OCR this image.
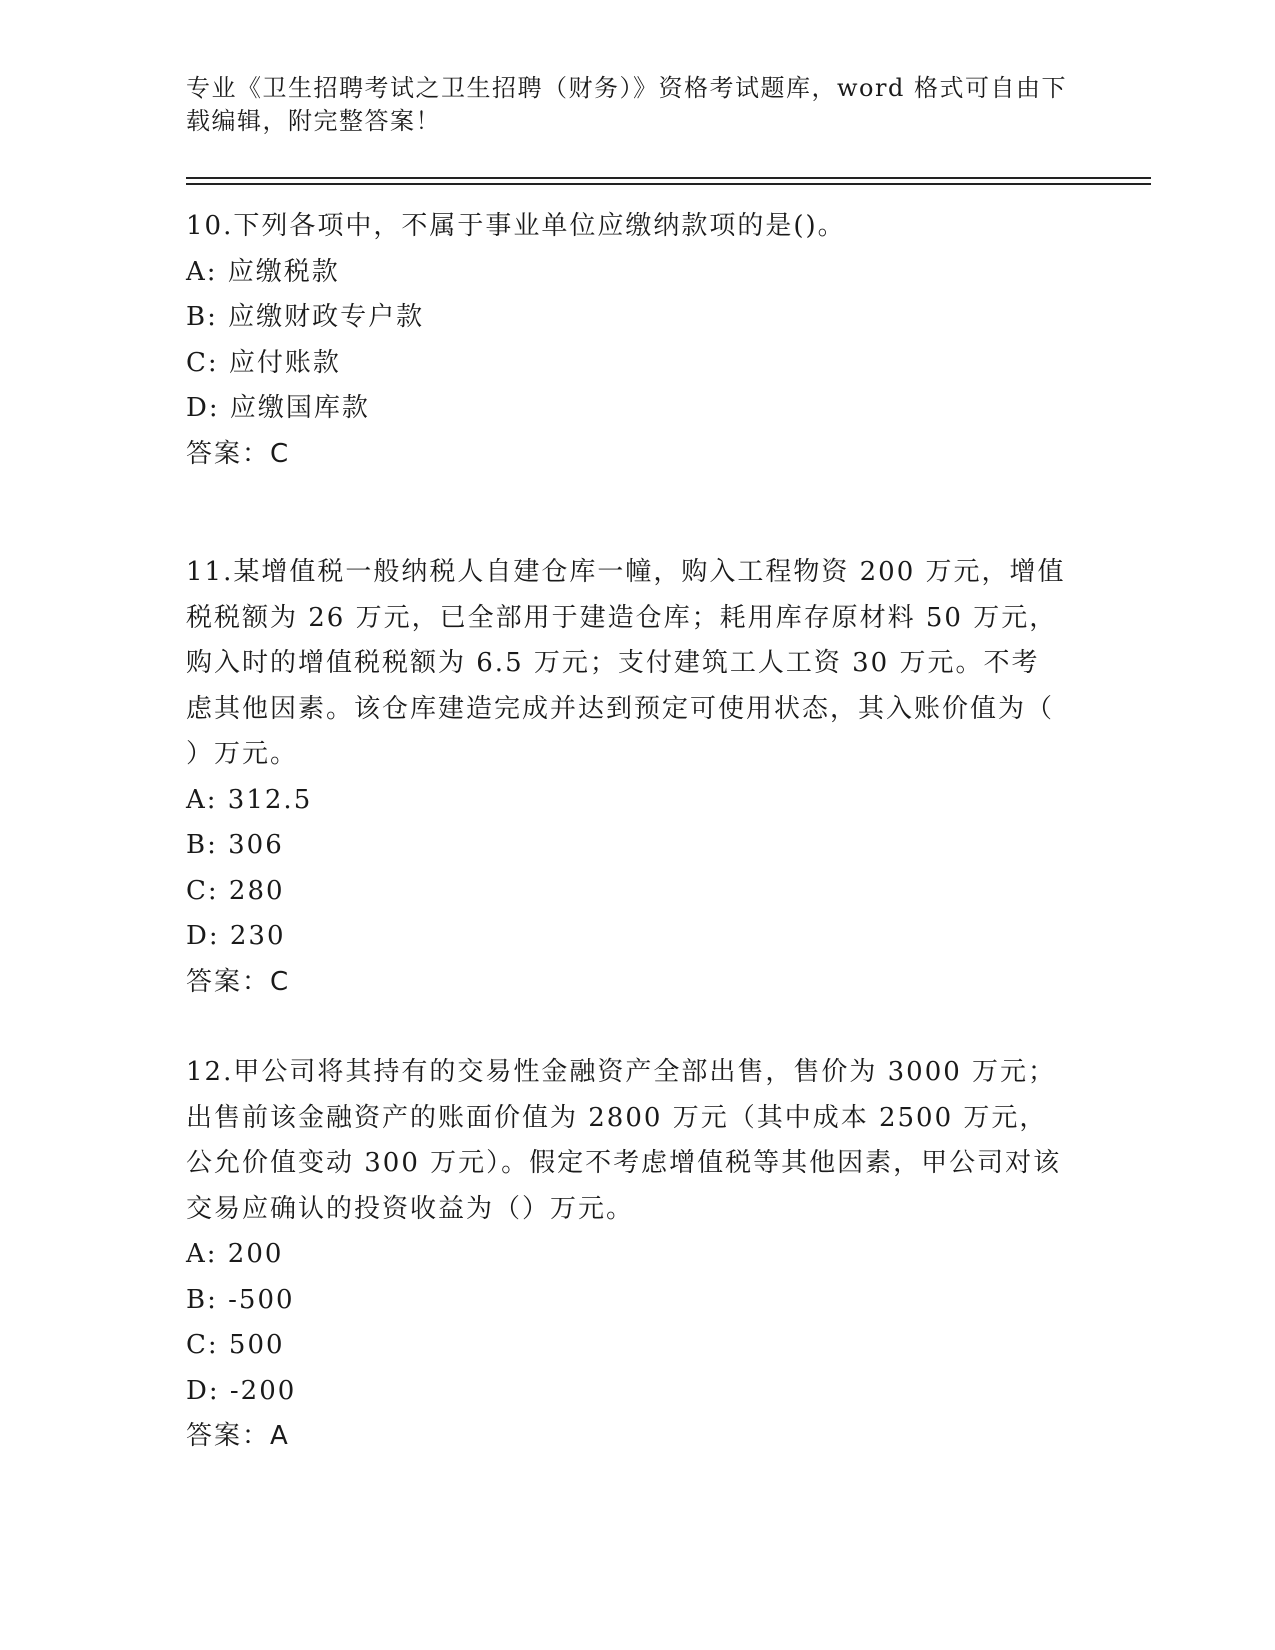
专业《卫生招聘考试之卫生招聘（财务）》资格考试题库，word 格式可自由下载编辑，附完整答案！
10.下列各项中，不属于事业单位应缴纳款项的是()。
A: 应缴税款
B: 应缴财政专户款
C: 应付账款
D: 应缴国库款
答案：C
11.某增值税一般纳税人自建仓库一幢，购入工程物资 200 万元，增值税税额为 26 万元，已全部用于建造仓库；耗用库存原材料 50 万元，购入时的增值税税额为 6.5 万元；支付建筑工人工资 30 万元。不考虑其他因素。该仓库建造完成并达到预定可使用状态，其入账价值为（ ）万元。
A: 312.5
B: 306
C: 280
D: 230
答案：C
12.甲公司将其持有的交易性金融资产全部出售，售价为 3000 万元；出售前该金融资产的账面价值为 2800 万元（其中成本 2500 万元，公允价值变动 300 万元）。假定不考虑增值税等其他因素，甲公司对该交易应确认的投资收益为（）万元。
A: 200
B: -500
C: 500
D: -200
答案：A
